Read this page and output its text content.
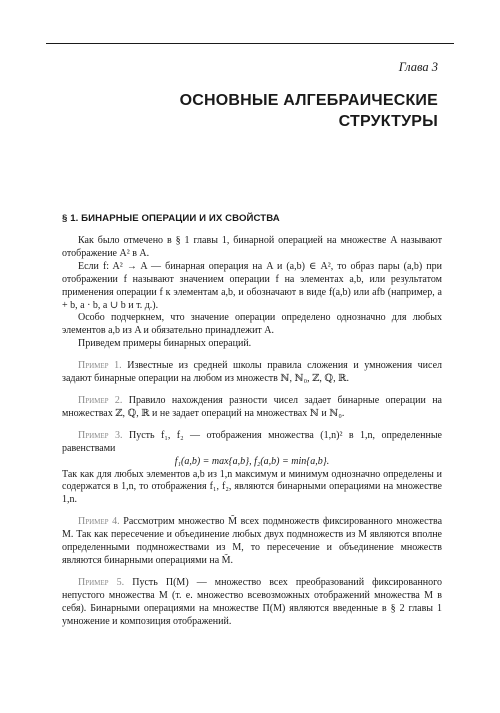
Глава 3
ОСНОВНЫЕ АЛГЕБРАИЧЕСКИЕ
СТРУКТУРЫ
§ 1. БИНАРНЫЕ ОПЕРАЦИИ И ИХ СВОЙСТВА

Как было отмечено в § 1 главы 1, бинарной операцией на множестве A называют отображение A² в A.

Если f: A² → A — бинарная операция на A и (a,b) ∈ A², то образ пары (a,b) при отображении f называют значением операции f на элементах a,b, или результатом применения операции f к элементам a,b, и обозначают в виде f(a,b) или afb (например, a + b, a · b, a ∪ b и т. д.).

Особо подчеркнем, что значение операции определено однозначно для любых элементов a,b из A и обязательно принадлежит A.

Приведем примеры бинарных операций.

Пример 1. Известные из средней школы правила сложения и умножения чисел задают бинарные операции на любом из множеств ℕ, ℕ₀, ℤ, ℚ, ℝ.

Пример 2. Правило нахождения разности чисел задает бинарные операции на множествах ℤ, ℚ, ℝ и не задает операций на множествах ℕ и ℕ₀.

Пример 3. Пусть f₁, f₂ — отображения множества (1,n)² в 1,n, определенные равенствами

f₁(a,b) = max{a,b}, f₂(a,b) = min{a,b}.

Так как для любых элементов a,b из 1,n максимум и минимум однозначно определены и содержатся в 1,n, то отображения f₁, f₂, являются бинарными операциями на множестве 1,n.

Пример 4. Рассмотрим множество M̃ всех подмножеств фиксированного множества M. Так как пересечение и объединение любых двух подмножеств из M являются вполне определенными подмножествами из M, то пересечение и объединение множеств являются бинарными операциями на M̃.

Пример 5. Пусть Π(M) — множество всех преобразований фиксированного непустого множества M (т. е. множество всевозможных отображений множества M в себя). Бинарными операциями на множестве Π(M) являются введенные в § 2 главы 1 умножение и композиция отображений.
